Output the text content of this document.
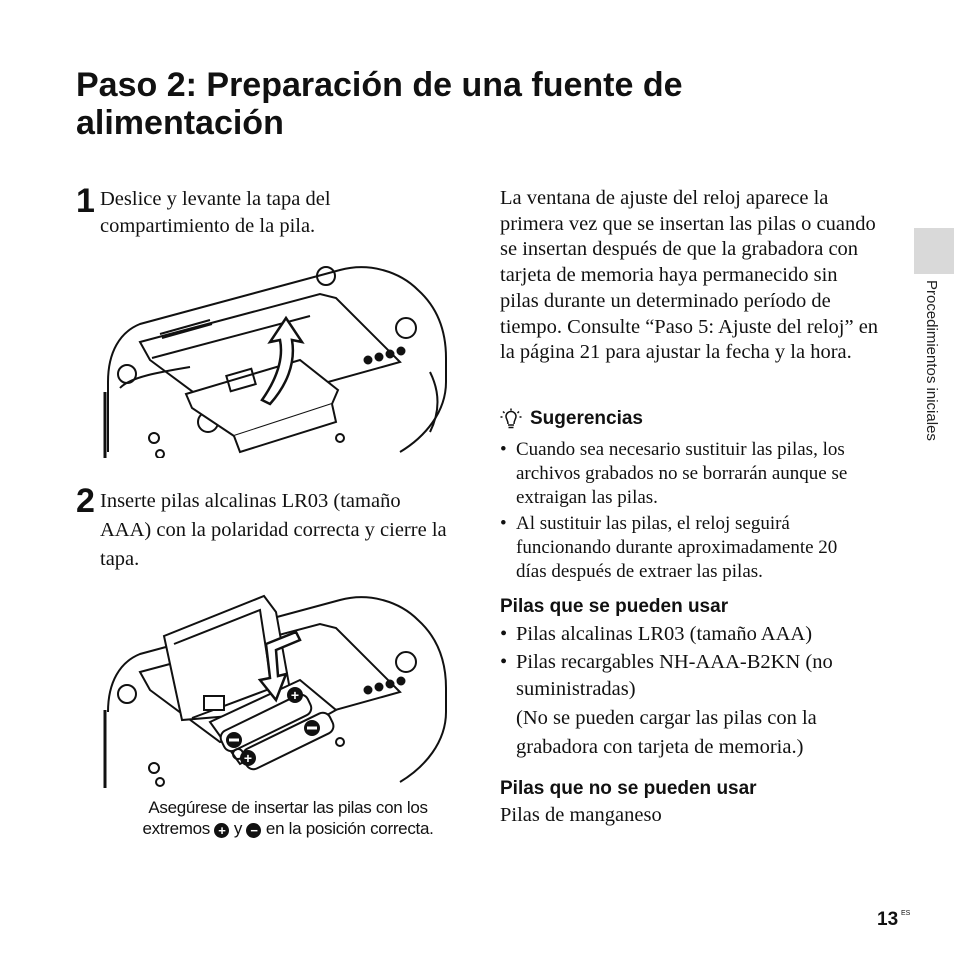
Paso 2: Preparación de una fuente de alimentación
1 Deslice y levante la tapa del compartimiento de la pila.
2 Inserte pilas alcalinas LR03 (tamaño AAA) con la polaridad correcta y cierre la tapa.
+
+
Asegúrese de insertar las pilas con los
extremos + y − en la posición correcta.
La ventana de ajuste del reloj aparece la primera vez que se insertan las pilas o cuando se insertan después de que la grabadora con tarjeta de memoria haya permanecido sin pilas durante un determinado período de tiempo. Consulte “Paso 5: Ajuste del reloj” en la página 21 para ajustar la fecha y la hora.
Sugerencias
• Cuando sea necesario sustituir las pilas, los archivos grabados no se borrarán aunque se extraigan las pilas.
• Al sustituir las pilas, el reloj seguirá funcionando durante aproximadamente 20 días después de extraer las pilas.
Pilas que se pueden usar
• Pilas alcalinas LR03 (tamaño AAA)
• Pilas recargables NH-AAA-B2KN (no suministradas)
(No se pueden cargar las pilas con la grabadora con tarjeta de memoria.)
Pilas que no se pueden usar
Pilas de manganeso
Procedimientos iniciales
13 ES
